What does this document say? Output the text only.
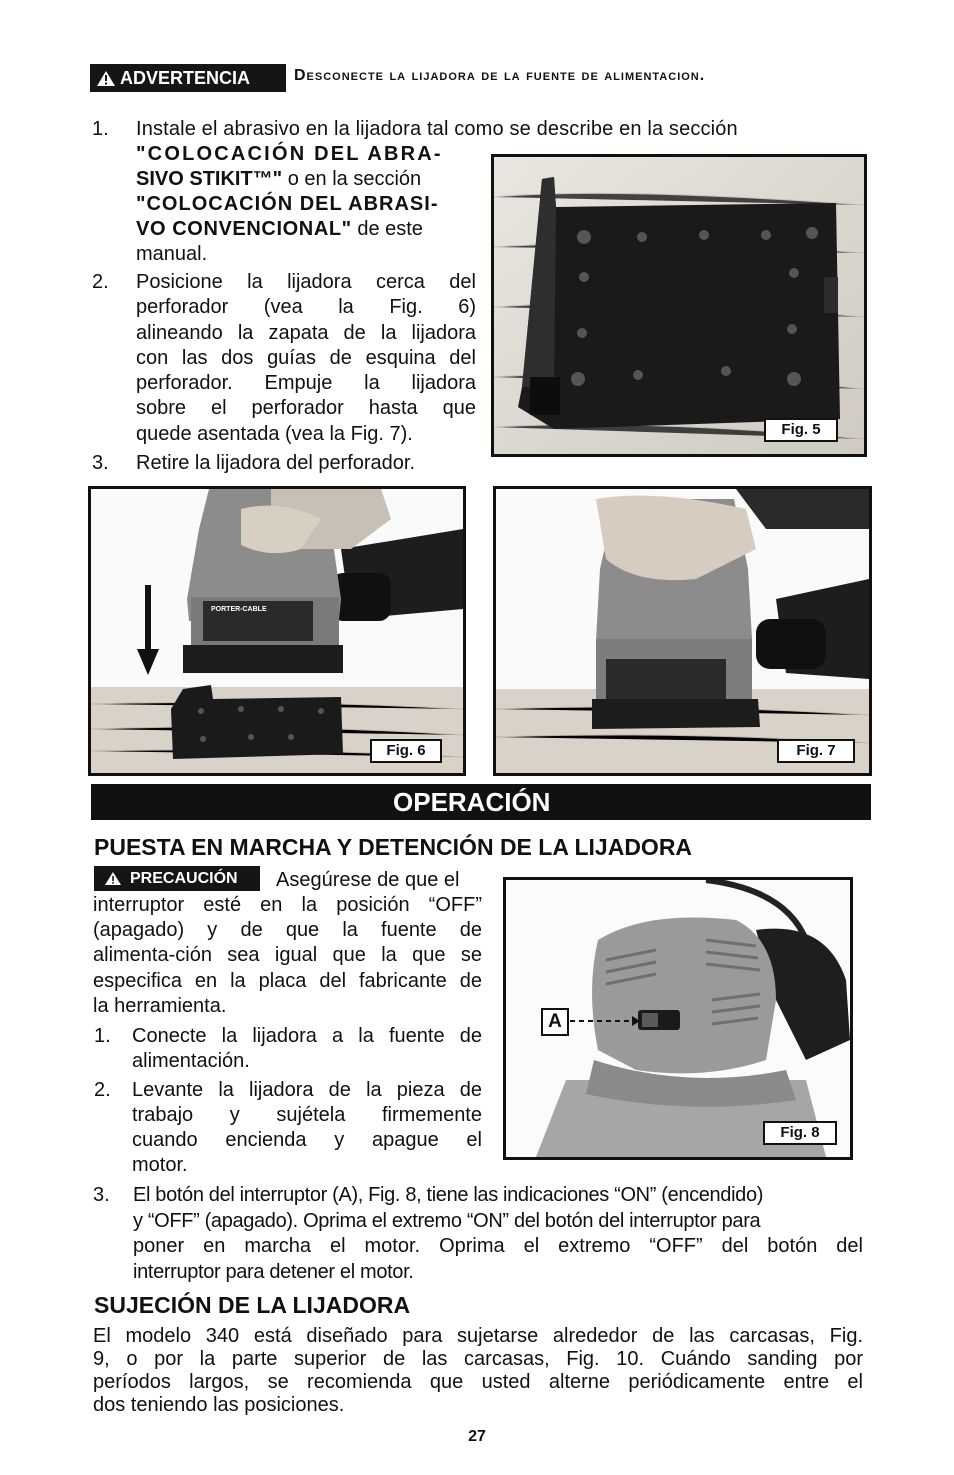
ADVERTENCIA	Desconecte la lijadora de la fuente de alimentacion.
1. Instale el abrasivo en la lijadora tal como se describe en la sección
"COLOCACIÓN DEL ABRA-
SIVO STIKIT™" o en la sección
"COLOCACIÓN DEL ABRASI-
VO CONVENCIONAL" de este
manual.
2. Posicione la lijadora cerca del
perforador (vea la Fig. 6)
alineando la zapata de la lijadora
con las dos guías de esquina del
perforador. Empuje la lijadora
sobre el perforador hasta que
quede asentada (vea la Fig. 7).
3. Retire la lijadora del perforador.
Fig. 5
PORTER-CABLE
Fig. 6	Fig. 7
OPERACIÓN
PUESTA EN MARCHA Y DETENCIÓN DE LA LIJADORA
PRECAUCIÓN Asegúrese de que el
interruptor esté en la posición “OFF”
(apagado) y de que la fuente de
alimenta-ción sea igual que la que se
especifica en la placa del fabricante de
la herramienta.
1. Conecte la lijadora a la fuente de
alimentación.
2. Levante la lijadora de la pieza de
trabajo y sujétela firmemente
cuando encienda y apague el
motor.
A
Fig. 8
3. El botón del interruptor (A), Fig. 8, tiene las indicaciones “ON” (encendido)
y “OFF” (apagado). Oprima el extremo “ON” del botón del interruptor para
poner en marcha el motor. Oprima el extremo “OFF” del botón del
interruptor para detener el motor.
SUJECIÓN DE LA LIJADORA
El modelo 340 está diseñado para sujetarse alrededor de las carcasas, Fig.
9, o por la parte superior de las carcasas, Fig. 10. Cuándo sanding por
períodos largos, se recomienda que usted alterne periódicamente entre el
dos teniendo las posiciones.
27
